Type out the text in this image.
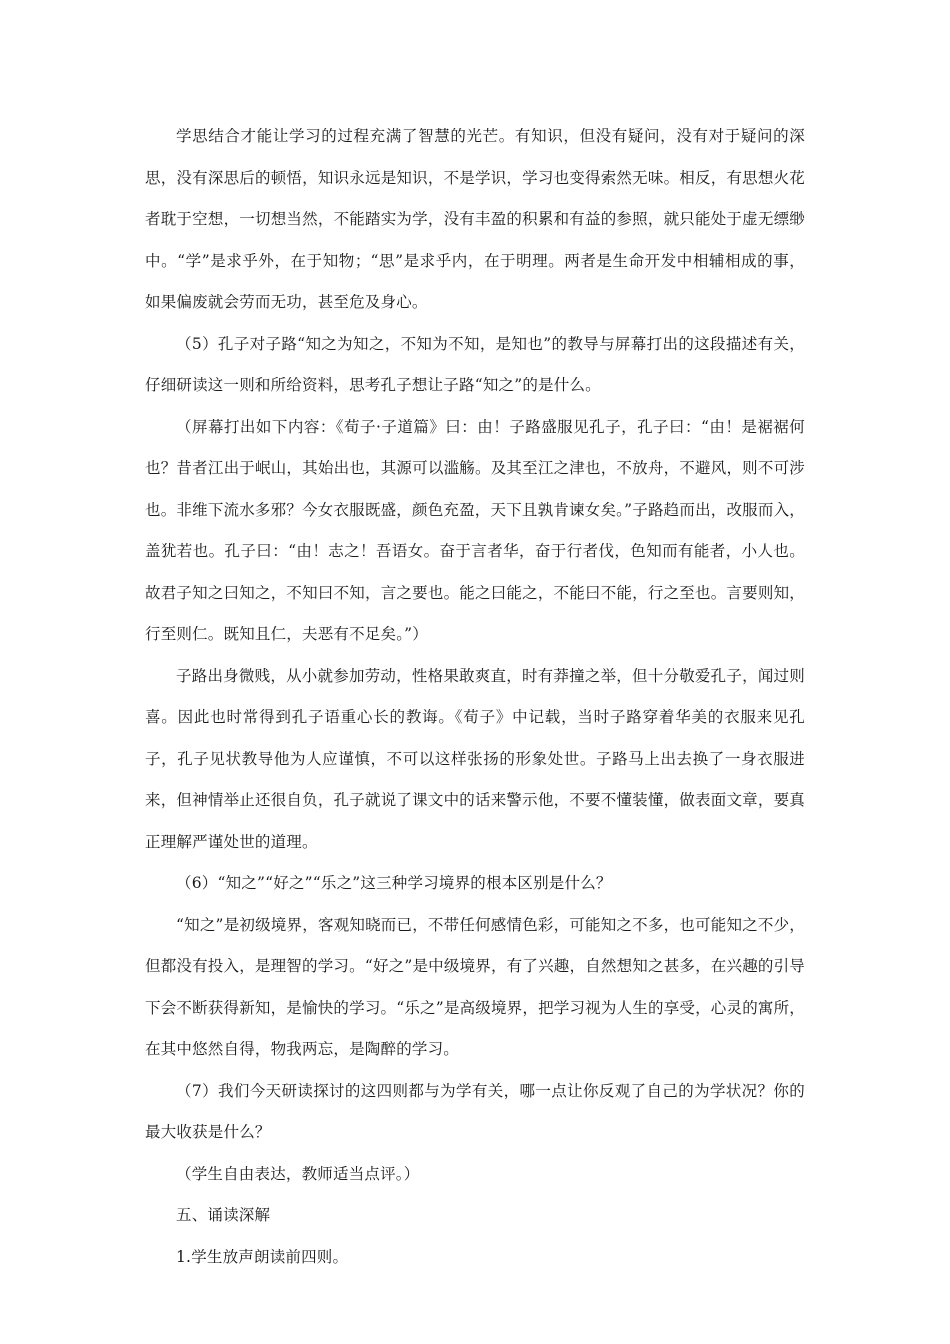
学思结合才能让学习的过程充满了智慧的光芒。有知识，但没有疑问，没有对于疑问的深思，没有深思后的顿悟，知识永远是知识，不是学识，学习也变得索然无味。相反，有思想火花者耽于空想，一切想当然，不能踏实为学，没有丰盈的积累和有益的参照，就只能处于虚无缥缈中。“学”是求乎外，在于知物；“思”是求乎内，在于明理。两者是生命开发中相辅相成的事，如果偏废就会劳而无功，甚至危及身心。

（5）孔子对子路“知之为知之，不知为不知，是知也”的教导与屏幕打出的这段描述有关，仔细研读这一则和所给资料，思考孔子想让子路“知之”的是什么。

（屏幕打出如下内容：《荀子·子道篇》曰：由！子路盛服见孔子，孔子曰：“由！是裾裾何也？昔者江出于岷山，其始出也，其源可以滥觞。及其至江之津也，不放舟，不避风，则不可涉也。非维下流水多邪？今女衣服既盛，颜色充盈，天下且孰肯谏女矣。”子路趋而出，改服而入，盖犹若也。孔子曰：“由！志之！吾语女。奋于言者华，奋于行者伐，色知而有能者，小人也。故君子知之曰知之，不知曰不知，言之要也。能之曰能之，不能曰不能，行之至也。言要则知，行至则仁。既知且仁，夫恶有不足矣。”）

子路出身微贱，从小就参加劳动，性格果敢爽直，时有莽撞之举，但十分敬爱孔子，闻过则喜。因此也时常得到孔子语重心长的教诲。《荀子》中记载，当时子路穿着华美的衣服来见孔子，孔子见状教导他为人应谨慎，不可以这样张扬的形象处世。子路马上出去换了一身衣服进来，但神情举止还很自负，孔子就说了课文中的话来警示他，不要不懂装懂，做表面文章，要真正理解严谨处世的道理。

（6）“知之”“好之”“乐之”这三种学习境界的根本区别是什么？

“知之”是初级境界，客观知晓而已，不带任何感情色彩，可能知之不多，也可能知之不少，但都没有投入，是理智的学习。“好之”是中级境界，有了兴趣，自然想知之甚多，在兴趣的引导下会不断获得新知，是愉快的学习。“乐之”是高级境界，把学习视为人生的享受，心灵的寓所，在其中悠然自得，物我两忘，是陶醉的学习。

（7）我们今天研读探讨的这四则都与为学有关，哪一点让你反观了自己的为学状况？你的最大收获是什么？

（学生自由表达，教师适当点评。）

五、诵读深解

1.学生放声朗读前四则。
